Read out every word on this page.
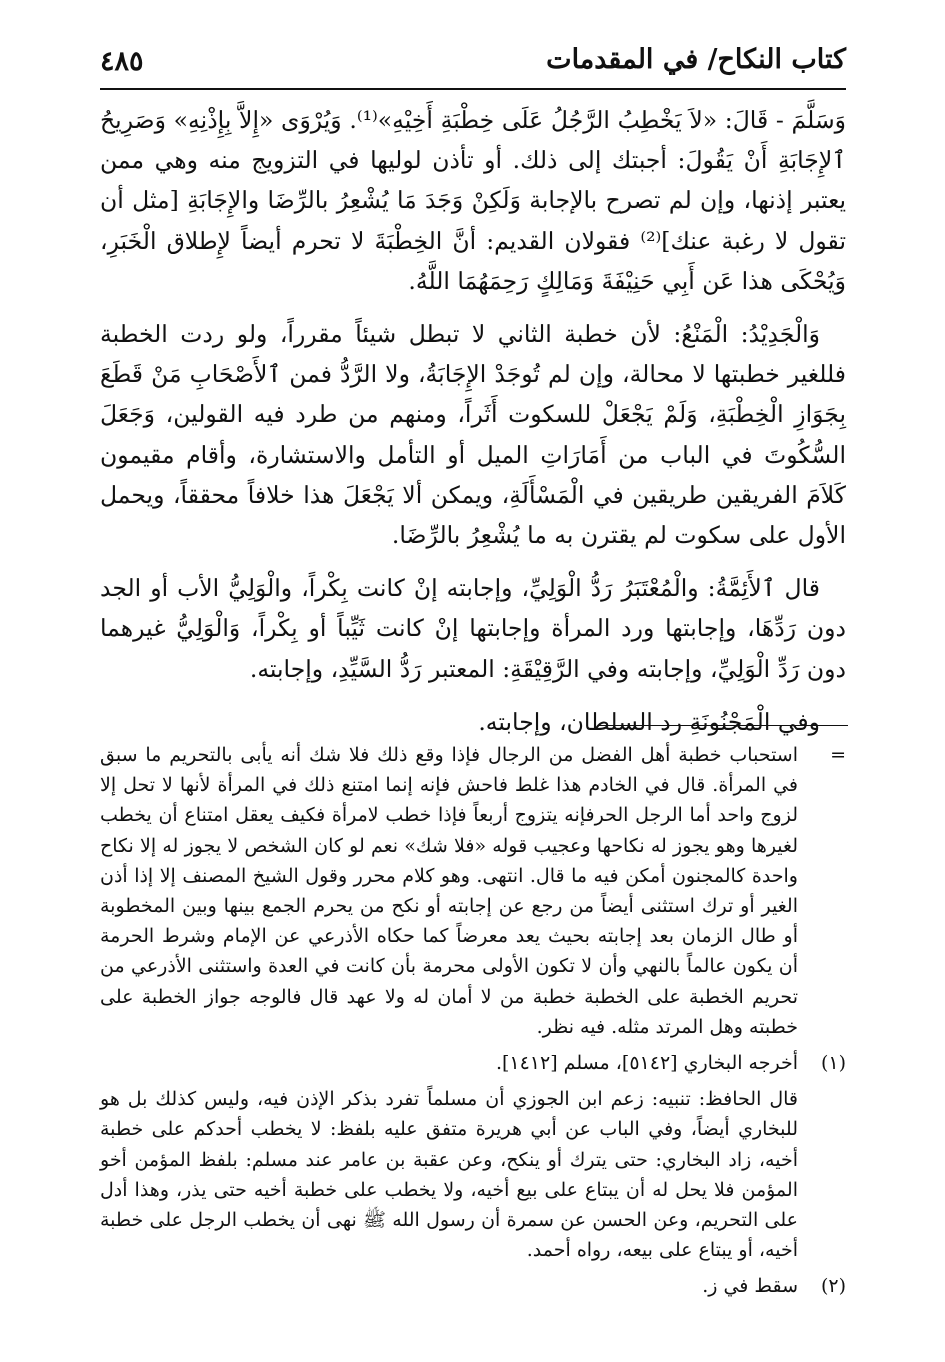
كتاب النكاح/ في المقدمات
٤٨٥

وَسَلَّمَ - قَالَ: «لاَ يَخْطِبُ الرَّجُلُ عَلَى خِطْبَةِ أَخِيْهِ»⁽¹⁾. وَيُرْوَى «إِلاَّ بِإِذْنِهِ» وَصَرِيحُ ٱلإِجَابَةِ أَنْ يَقُولَ: أجبتك إلى ذلك. أو تأذن لوليها في التزويج منه وهي ممن يعتبر إذنها، وإن لم تصرح بالإجابة وَلَكِنْ وَجَدَ مَا يُشْعِرُ بالرِّضَا والإِجَابَةِ [مثل أن تقول لا رغبة عنك]⁽²⁾ فقولان القديم: أنَّ الخِطْبَةَ لا تحرم أيضاً لإِطلاق الْخَبَرِ، وَيُحْكَى هذا عَن أَبِي حَنِيْفَةَ وَمَالِكٍ رَحِمَهُمَا اللَّهُ.

وَالْجَدِيْدُ: الْمَنْعُ: لأن خطبة الثاني لا تبطل شيئاً مقرراً، ولو ردت الخطبة فللغير خطبتها لا محالة، وإن لم تُوجَدْ الإِجَابَةُ، ولا الرَّدُّ فمن ٱلأَصْحَابِ مَنْ قَطَعَ بِجَوَازِ الْخِطْبَةِ، وَلَمْ يَجْعَلْ للسكوت أَثَراً، ومنهم من طرد فيه القولين، وَجَعَلَ السُّكُوتَ في الباب من أَمَارَاتِ الميل أو التأمل والاستشارة، وأقام مقيمون كَلاَمَ الفريقين طريقين في الْمَسْأَلَةِ، ويمكن ألا يَجْعَلَ هذا خلافاً محققاً، ويحمل الأول على سكوت لم يقترن به ما يُشْعِرُ بالرِّضَا.

قال ٱلأَئِمَّةُ: والْمُعْتَبَرُ رَدُّ الْوَلِيِّ، وإجابته إنْ كانت بِكْراً، والْوَلِيُّ الأب أو الجد دون رَدِّهَا، وإجابتها ورد المرأة وإجابتها إنْ كانت ثَيِّباً أو بِكْراً، وَالْوَلِيُّ غيرهما دون رَدِّ الْوَلِيِّ، وإجابته وفي الرَّقِيْقَةِ: المعتبر رَدُّ السَّيِّدِ، وإجابته.

وفي الْمَجْنُونَةِ رد السلطان، وإجابته.

=
استحباب خطبة أهل الفضل من الرجال فإذا وقع ذلك فلا شك أنه يأبى بالتحريم ما سبق في المرأة. قال في الخادم هذا غلط فاحش فإنه إنما امتنع ذلك في المرأة لأنها لا تحل إلا لزوج واحد أما الرجل الحرفإنه يتزوج أربعاً فإذا خطب لامرأة فكيف يعقل امتناع أن يخطب لغيرها وهو يجوز له نكاحها وعجيب قوله «فلا شك» نعم لو كان الشخص لا يجوز له إلا نكاح واحدة كالمجنون أمكن فيه ما قال. انتهى. وهو كلام محرر وقول الشيخ المصنف إلا إذا أذن الغير أو ترك استثنى أيضاً من رجع عن إجابته أو نكح من يحرم الجمع بينها وبين المخطوبة أو طال الزمان بعد إجابته بحيث يعد معرضاً كما حكاه الأذرعي عن الإمام وشرط الحرمة أن يكون عالماً بالنهي وأن لا تكون الأولى محرمة بأن كانت في العدة واستثنى الأذرعي من تحريم الخطبة على الخطبة خطبة من لا أمان له ولا عهد قال فالوجه جواز الخطبة على خطبته وهل المرتد مثله. فيه نظر.
(١)
أخرجه البخاري [٥١٤٢]، مسلم [١٤١٢].
قال الحافظ: تنبيه: زعم ابن الجوزي أن مسلماً تفرد بذكر الإذن فيه، وليس كذلك بل هو للبخاري أيضاً، وفي الباب عن أبي هريرة متفق عليه بلفظ: لا يخطب أحدكم على خطبة أخيه، زاد البخاري: حتى يترك أو ينكح، وعن عقبة بن عامر عند مسلم: بلفظ المؤمن أخو المؤمن فلا يحل له أن يبتاع على بيع أخيه، ولا يخطب على خطبة أخيه حتى يذر، وهذا أدل على التحريم، وعن الحسن عن سمرة أن رسول الله ﷺ نهى أن يخطب الرجل على خطبة أخيه، أو يبتاع على بيعه، رواه أحمد.
(٢)
سقط في ز.
